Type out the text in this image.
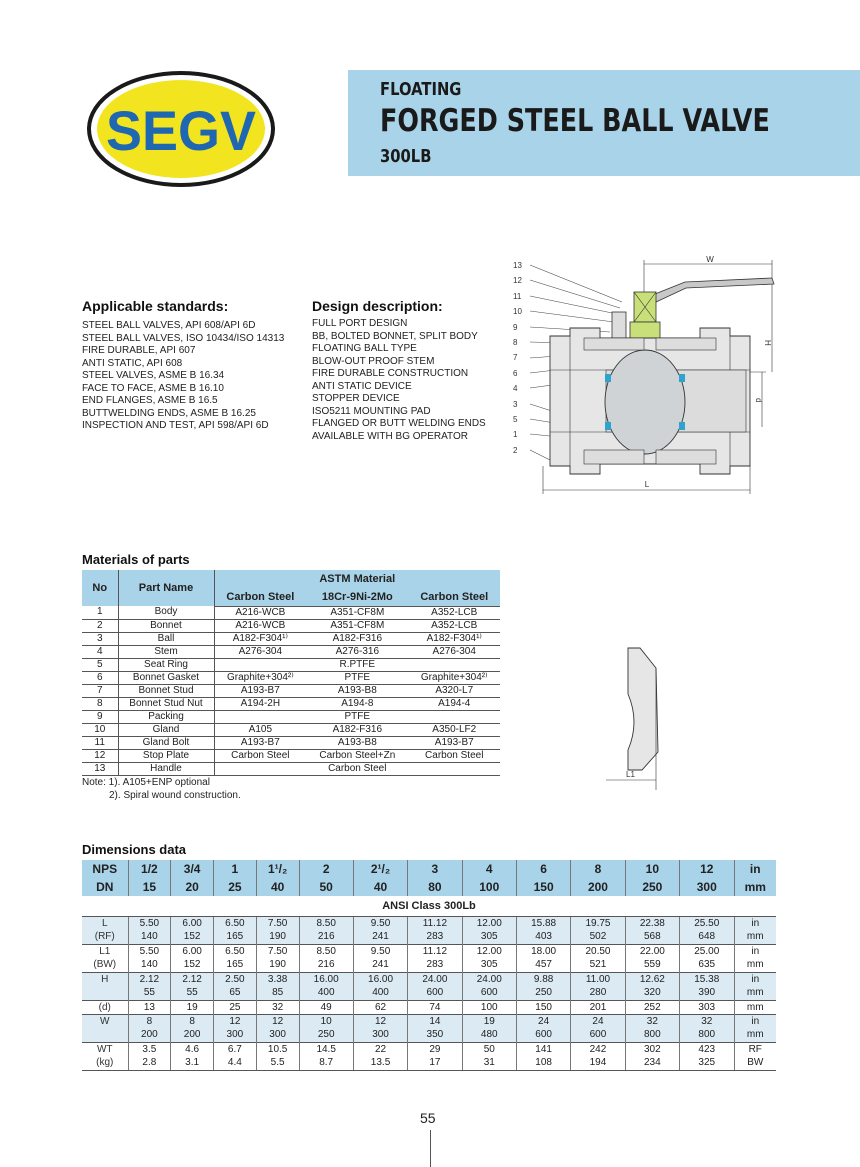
SEGV
FLOATING
FORGED STEEL BALL VALVE
300LB
Applicable standards:
STEEL BALL VALVES, API 608/API 6D
STEEL BALL VALVES, ISO 10434/ISO 14313
FIRE DURABLE, API 607
ANTI STATIC, API 608
STEEL VALVES, ASME B 16.34
FACE TO FACE, ASME B 16.10
END FLANGES, ASME B 16.5
BUTTWELDING ENDS, ASME B 16.25
INSPECTION AND TEST, API 598/API 6D
Design description:
FULL PORT DESIGN
BB, BOLTED BONNET, SPLIT BODY
FLOATING BALL TYPE
BLOW-OUT PROOF STEM
FIRE DURABLE CONSTRUCTION
ANTI STATIC DEVICE
STOPPER DEVICE
ISO5211 MOUNTING PAD
FLANGED OR BUTT WELDING ENDS
AVAILABLE WITH BG OPERATOR
13
12
11
10
9
8
7
6
4
3
5
1
2
W
H
d
L
Materials of parts
No	Part Name	ASTM Material		
		Carbon Steel	18Cr-9Ni-2Mo	Carbon Steel
1	Body	A216-WCB	A351-CF8M	A352-LCB
2	Bonnet	A216-WCB	A351-CF8M	A352-LCB
3	Ball	A182-F304¹⁾	A182-F316	A182-F304¹⁾
4	Stem	A276-304	A276-316	A276-304
5	Seat Ring	R.PTFE		
6	Bonnet Gasket	Graphite+304²⁾	PTFE	Graphite+304²⁾
7	Bonnet Stud	A193-B7	A193-B8	A320-L7
8	Bonnet Stud Nut	A194-2H	A194-8	A194-4
9	Packing	PTFE		
10	Gland	A105	A182-F316	A350-LF2
11	Gland Bolt	A193-B7	A193-B8	A193-B7
12	Stop Plate	Carbon Steel	Carbon Steel+Zn	Carbon Steel
13	Handle	Carbon Steel		
Note: 1). A105+ENP optional
2). Spiral wound construction.
L1
Dimensions data
NPS	1/2	3/4	1	1¹/₂	2	2¹/₂	3	4	6	8	10	12	in
DN	15	20	25	40	50	40	80	100	150	200	250	300	mm
ANSI Class 300Lb													
L	5.50	6.00	6.50	7.50	8.50	9.50	11.12	12.00	15.88	19.75	22.38	25.50	in
(RF)	140	152	165	190	216	241	283	305	403	502	568	648	mm
L1	5.50	6.00	6.50	7.50	8.50	9.50	11.12	12.00	18.00	20.50	22.00	25.00	in
(BW)	140	152	165	190	216	241	283	305	457	521	559	635	mm
H	2.12	2.12	2.50	3.38	16.00	16.00	24.00	24.00	9.88	11.00	12.62	15.38	in
	55	55	65	85	400	400	600	600	250	280	320	390	mm
(d)	13	19	25	32	49	62	74	100	150	201	252	303	mm
W	8	8	12	12	10	12	14	19	24	24	32	32	in
	200	200	300	300	250	300	350	480	600	600	800	800	mm
WT	3.5	4.6	6.7	10.5	14.5	22	29	50	141	242	302	423	RF
(kg)	2.8	3.1	4.4	5.5	8.7	13.5	17	31	108	194	234	325	BW
55
